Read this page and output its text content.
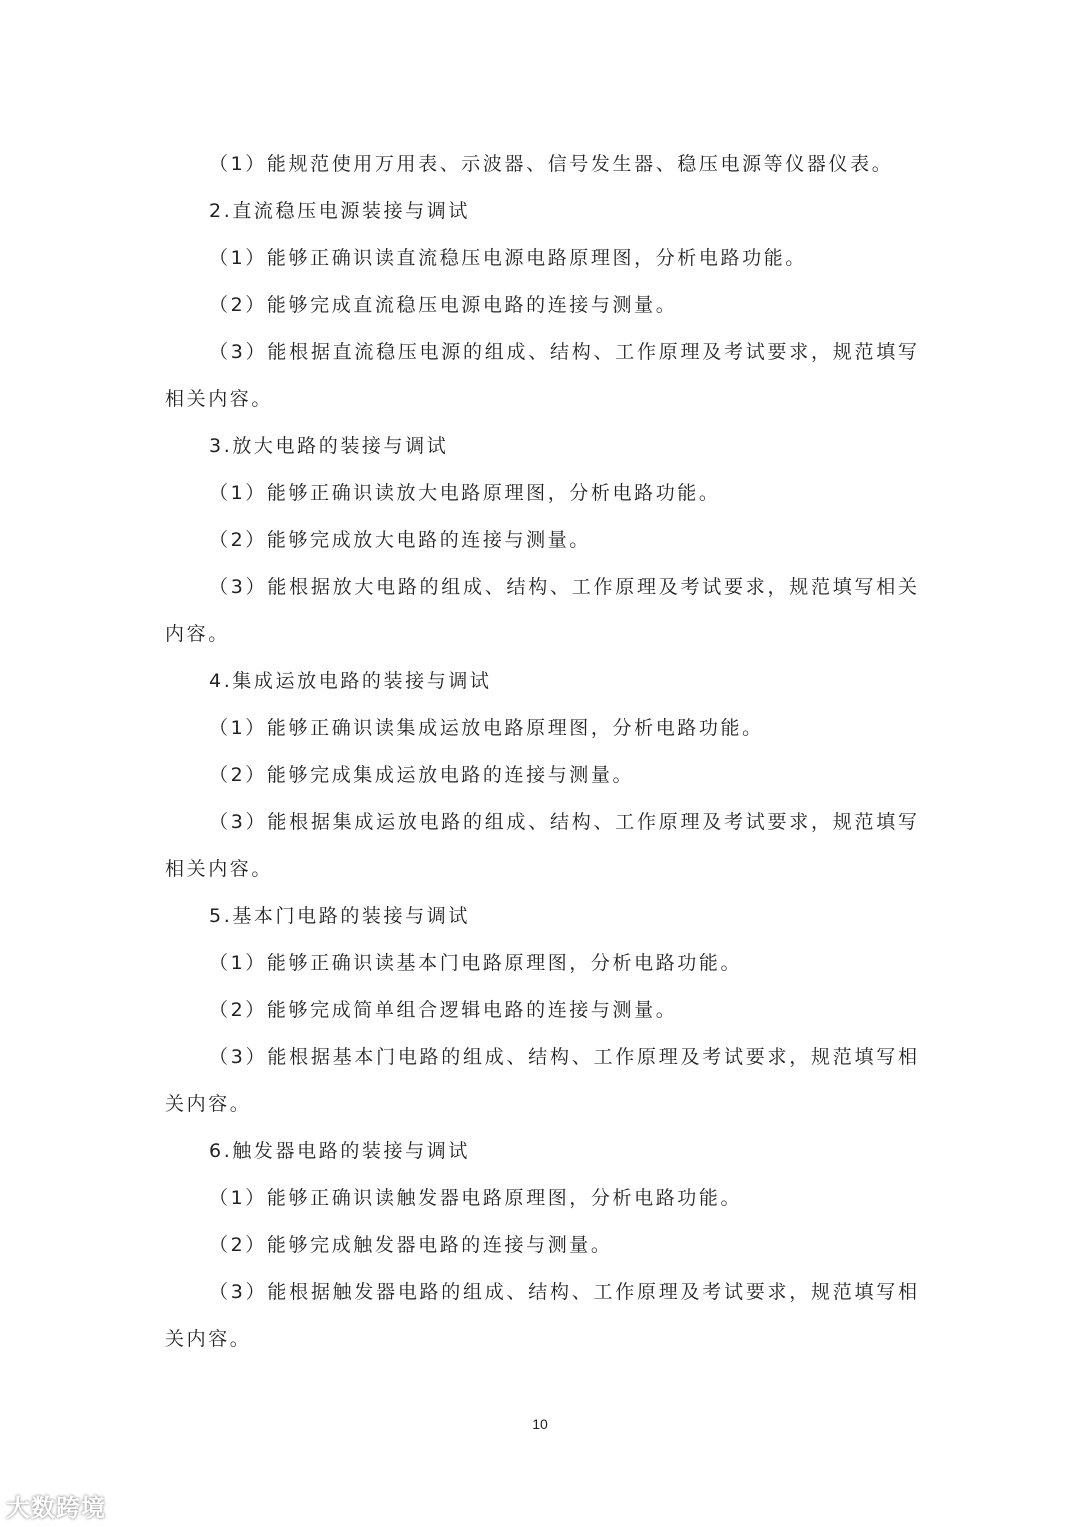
（1）能规范使用万用表、示波器、信号发生器、稳压电源等仪器仪表。

2.直流稳压电源装接与调试

（1）能够正确识读直流稳压电源电路原理图，分析电路功能。

（2）能够完成直流稳压电源电路的连接与测量。

（3）能根据直流稳压电源的组成、结构、工作原理及考试要求，规范填写
相关内容。

3.放大电路的装接与调试

（1）能够正确识读放大电路原理图，分析电路功能。

（2）能够完成放大电路的连接与测量。

（3）能根据放大电路的组成、结构、工作原理及考试要求，规范填写相关
内容。

4.集成运放电路的装接与调试

（1）能够正确识读集成运放电路原理图，分析电路功能。

（2）能够完成集成运放电路的连接与测量。

（3）能根据集成运放电路的组成、结构、工作原理及考试要求，规范填写
相关内容。

5.基本门电路的装接与调试

（1）能够正确识读基本门电路原理图，分析电路功能。

（2）能够完成简单组合逻辑电路的连接与测量。

（3）能根据基本门电路的组成、结构、工作原理及考试要求，规范填写相
关内容。

6.触发器电路的装接与调试

（1）能够正确识读触发器电路原理图，分析电路功能。

（2）能够完成触发器电路的连接与测量。

（3）能根据触发器电路的组成、结构、工作原理及考试要求，规范填写相
关内容。

10
大数跨境
